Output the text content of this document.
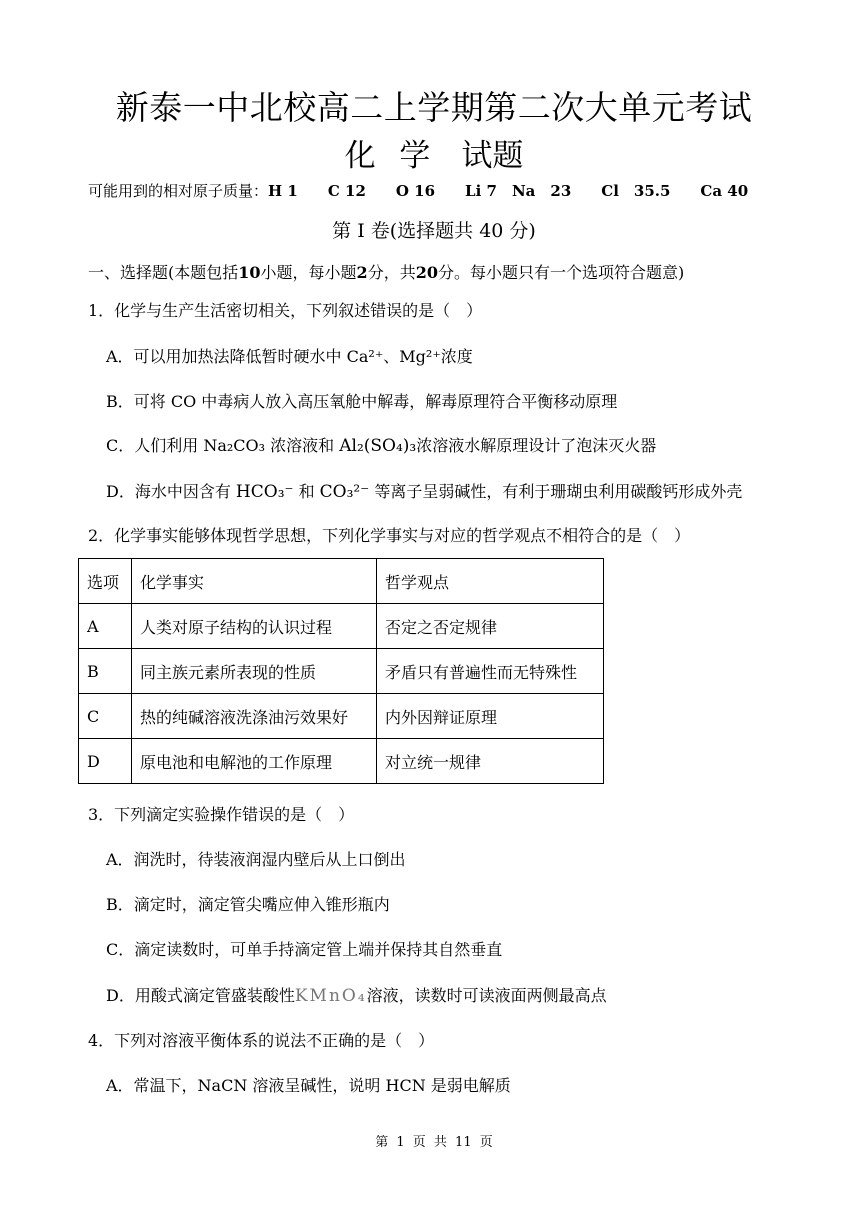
新泰一中北校高二上学期第二次大单元考试
化 学　试题
可能用到的相对原子质量：H 1　　C 12　　O 16　　Li 7　Na　23　　Cl　35.5　　Ca 40
第 I 卷(选择题共 40 分)
一、选择题(本题包括10小题，每小题2分，共20分。每小题只有一个选项符合题意)
1．化学与生产生活密切相关，下列叙述错误的是（　）
A．可以用加热法降低暂时硬水中 Ca²⁺、Mg²⁺浓度
B．可将 CO 中毒病人放入高压氧舱中解毒，解毒原理符合平衡移动原理
C．人们利用 Na₂CO₃ 浓溶液和 Al₂(SO₄)₃浓溶液水解原理设计了泡沫灭火器
D．海水中因含有 HCO₃⁻ 和 CO₃²⁻ 等离子呈弱碱性，有利于珊瑚虫利用碳酸钙形成外壳
2．化学事实能够体现哲学思想，下列化学事实与对应的哲学观点不相符合的是（　）
选项	化学事实	哲学观点
A	人类对原子结构的认识过程	否定之否定规律
B	同主族元素所表现的性质	矛盾只有普遍性而无特殊性
C	热的纯碱溶液洗涤油污效果好	内外因辩证原理
D	原电池和电解池的工作原理	对立统一规律
3．下列滴定实验操作错误的是（　）
A．润洗时，待装液润湿内壁后从上口倒出
B．滴定时，滴定管尖嘴应伸入锥形瓶内
C．滴定读数时，可单手持滴定管上端并保持其自然垂直
D．用酸式滴定管盛装酸性KMnO₄溶液，读数时可读液面两侧最高点
4．下列对溶液平衡体系的说法不正确的是（　）
A．常温下，NaCN 溶液呈碱性，说明 HCN 是弱电解质
第 1 页 共 11 页
